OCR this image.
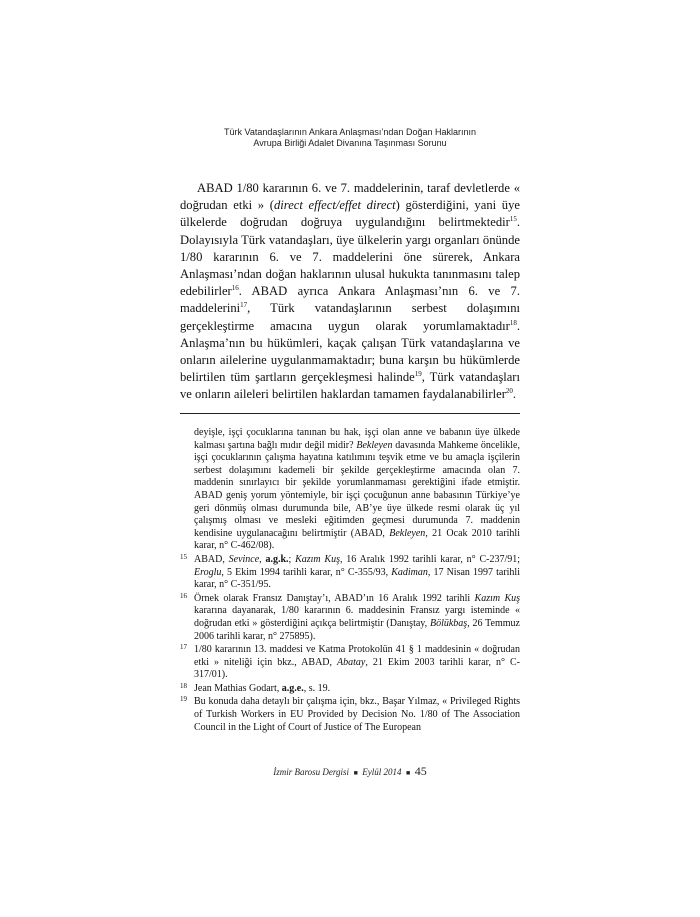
Türk Vatandaşlarının Ankara Anlaşması’ndan Doğan Haklarının
Avrupa Birliği Adalet Divanına Taşınması Sorunu

ABAD 1/80 kararının 6. ve 7. maddelerinin, taraf devletlerde « doğrudan etki » (direct effect/effet direct) gösterdiğini, yani üye ülkelerde doğrudan doğruya uygulandığını belirtmektedir$^{15}$. Dolayısıyla Türk vatandaşları, üye ülkelerin yargı organları önünde 1/80 kararının 6. ve 7. maddelerini öne sürerek, Ankara Anlaşması’ndan doğan haklarının ulusal hukukta tanınmasını talep edebilirler$^{16}$. ABAD ayrıca Ankara Anlaşması’nın 6. ve 7. maddelerini$^{17}$, Türk vatandaşlarının serbest dolaşımını gerçekleştirme amacına uygun olarak yorumlamaktadır$^{18}$. Anlaşma’nın bu hükümleri, kaçak çalışan Türk vatandaşlarına ve onların ailelerine uygulanmamaktadır; buna karşın bu hükümlerde belirtilen tüm şartların gerçekleşmesi halinde$^{19}$, Türk vatandaşları ve onların aileleri belirtilen haklardan tamamen faydalanabilirler$^{20}$.

deyişle, işçi çocuklarına tanınan bu hak, işçi olan anne ve babanın üye ülkede kalması şartına bağlı mıdır değil midir? Bekleyen davasında Mahkeme öncelikle, işçi çocuklarının çalışma hayatına katılımını teşvik etme ve bu amaçla işçilerin serbest dolaşımını kademeli bir şekilde gerçekleştirme amacında olan 7. maddenin sınırlayıcı bir şekilde yorumlanmaması gerektiğini ifade etmiştir. ABAD geniş yorum yöntemiyle, bir işçi çocuğunun anne babasının Türkiye’ye geri dönmüş olması durumunda bile, AB’ye üye ülkede resmi olarak üç yıl çalışmış olması ve mesleki eğitimden geçmesi durumunda 7. maddenin kendisine uygulanacağını belirtmiştir (ABAD, Bekleyen, 21 Ocak 2010 tarihli karar, n° C-462/08).
15 ABAD, Sevince, a.g.k.; Kazım Kuş, 16 Aralık 1992 tarihli karar, n° C-237/91; Eroglu, 5 Ekim 1994 tarihli karar, n° C-355/93, Kadiman, 17 Nisan 1997 tarihli karar, n° C-351/95.
16 Örnek olarak Fransız Danıştay’ı, ABAD’ın 16 Aralık 1992 tarihli Kazım Kuş kararına dayanarak, 1/80 kararının 6. maddesinin Fransız yargı isteminde « doğrudan etki » gösterdiğini açıkça belirtmiştir (Danıştay, Bölükbaş, 26 Temmuz 2006 tarihli karar, n° 275895).
17 1/80 kararının 13. maddesi ve Katma Protokolün 41 § 1 maddesinin « doğrudan etki » niteliği için bkz., ABAD, Abatay, 21 Ekim 2003 tarihli karar, n° C-317/01).
18 Jean Mathias Godart, a.g.e., s. 19.
19 Bu konuda daha detaylı bir çalışma için, bkz., Başar Yılmaz, « Privileged Rights of Turkish Workers in EU Provided by Decision No. 1/80 of The Association Council in the Light of Court of Justice of The European
İzmir Barosu Dergisi ■ Eylül 2014 ■ 45
